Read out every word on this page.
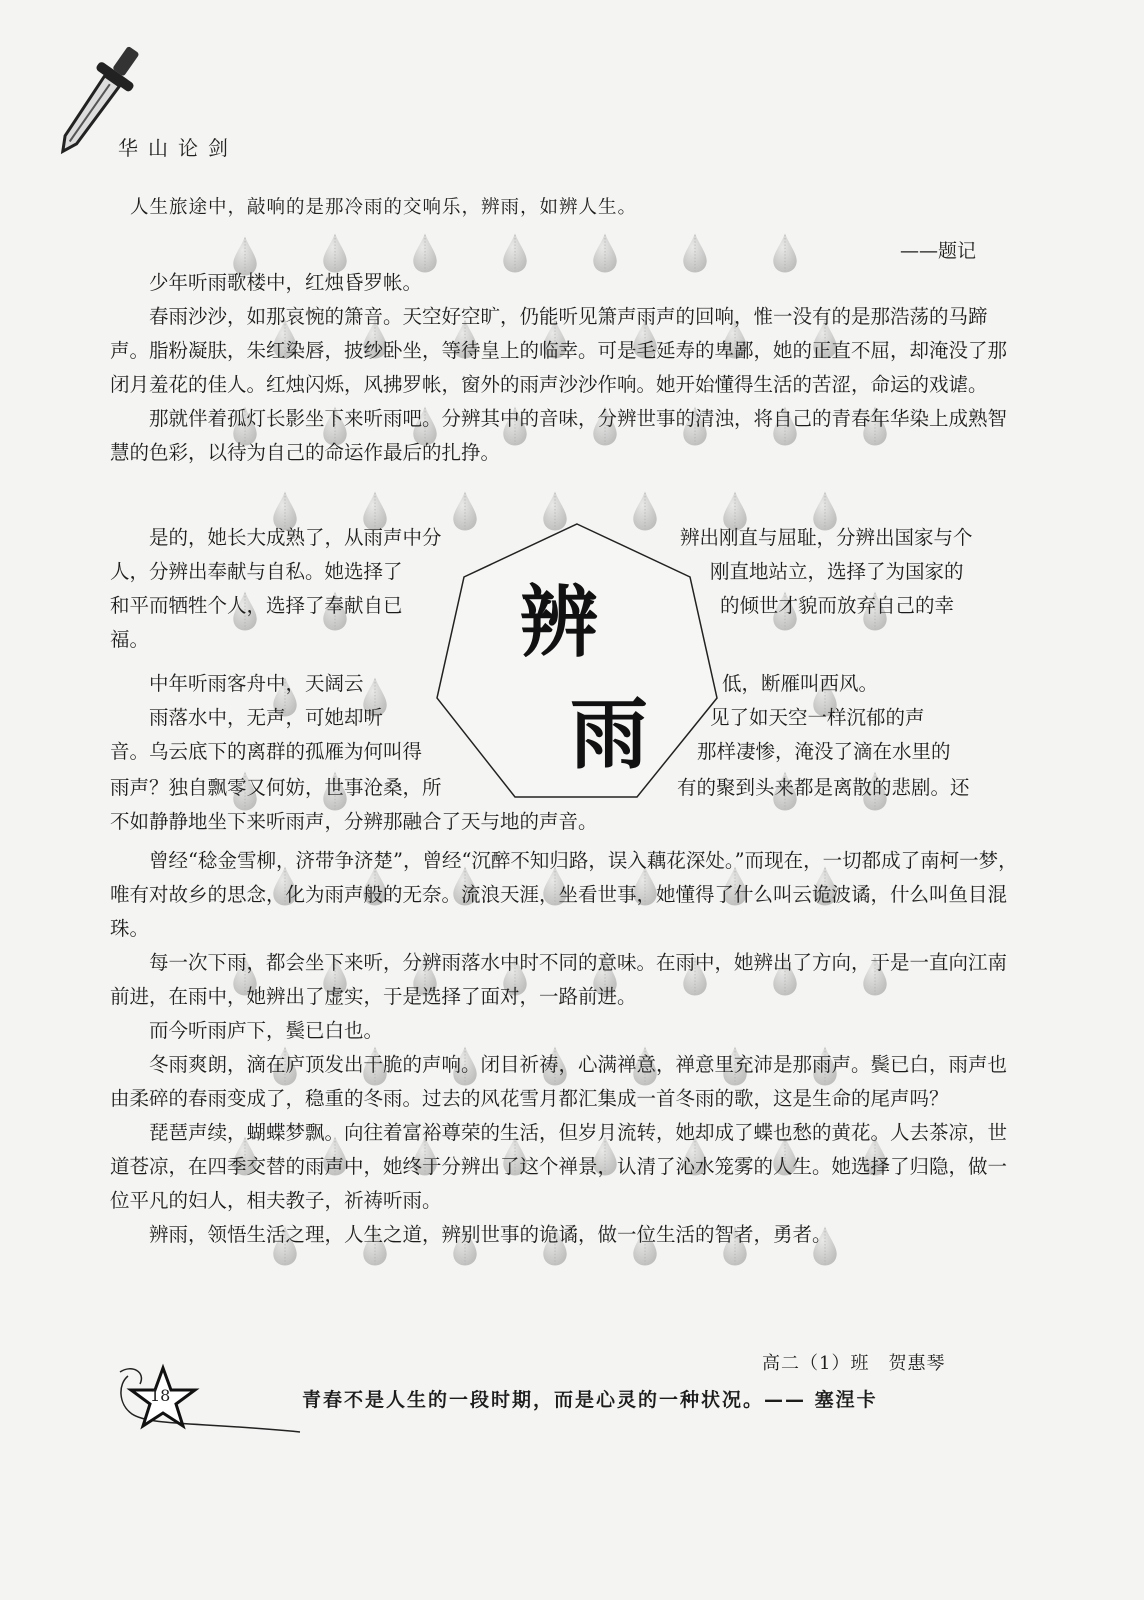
华山论剑
辨
雨
人生旅途中，敲响的是那冷雨的交响乐，辨雨，如辨人生。
——题记

少年听雨歌楼中，红烛昏罗帐。

春雨沙沙，如那哀惋的箫音。天空好空旷，仍能听见箫声雨声的回响，惟一没有的是那浩荡的马蹄声。脂粉凝肤，朱红染唇，披纱卧坐，等待皇上的临幸。可是毛延寿的卑鄙，她的正直不屈，却淹没了那闭月羞花的佳人。红烛闪烁，风拂罗帐，窗外的雨声沙沙作响。她开始懂得生活的苦涩，命运的戏谑。

那就伴着孤灯长影坐下来听雨吧。分辨其中的音味，分辨世事的清浊，将自己的青春年华染上成熟智慧的色彩，以待为自己的命运作最后的扎挣。

是的，她长大成熟了，从雨声中分	辨出刚直与屈耻，分辨出国家与个

人，分辨出奉献与自私。她选择了	刚直地站立，选择了为国家的

和平而牺牲个人，选择了奉献自已	的倾世才貌而放弃自己的幸

福。

中年听雨客舟中，天阔云	低，断雁叫西风。

雨落水中，无声，可她却听	见了如天空一样沉郁的声

音。乌云底下的离群的孤雁为何叫得	那样凄惨，淹没了滴在水里的

雨声？独自飘零又何妨，世事沧桑，所	有的聚到头来都是离散的悲剧。还

不如静静地坐下来听雨声，分辨那融合了天与地的声音。

曾经“稔金雪柳，济带争济楚”，曾经“沉醉不知归路，误入藕花深处。”而现在，一切都成了南柯一梦，唯有对故乡的思念，化为雨声般的无奈。流浪天涯，坐看世事，她懂得了什么叫云诡波谲，什么叫鱼目混珠。

每一次下雨，都会坐下来听，分辨雨落水中时不同的意味。在雨中，她辨出了方向，于是一直向江南前进，在雨中，她辨出了虚实，于是选择了面对，一路前进。

而今听雨庐下，鬓已白也。

冬雨爽朗，滴在庐顶发出干脆的声响。闭目祈祷，心满禅意，禅意里充沛是那雨声。鬓已白，雨声也由柔碎的春雨变成了，稳重的冬雨。过去的风花雪月都汇集成一首冬雨的歌，这是生命的尾声吗？

琵琶声续，蝴蝶梦飘。向往着富裕尊荣的生活，但岁月流转，她却成了蝶也愁的黄花。人去茶凉，世道苍凉，在四季交替的雨声中，她终于分辨出了这个禅景，认清了沁水笼雾的人生。她选择了归隐，做一位平凡的妇人，相夫教子，祈祷听雨。

辨雨，领悟生活之理，人生之道，辨别世事的诡谲，做一位生活的智者，勇者。

高二（1）班　贺惠琴
18	青春不是人生的一段时期，而是心灵的一种状况。—— 塞涅卡
